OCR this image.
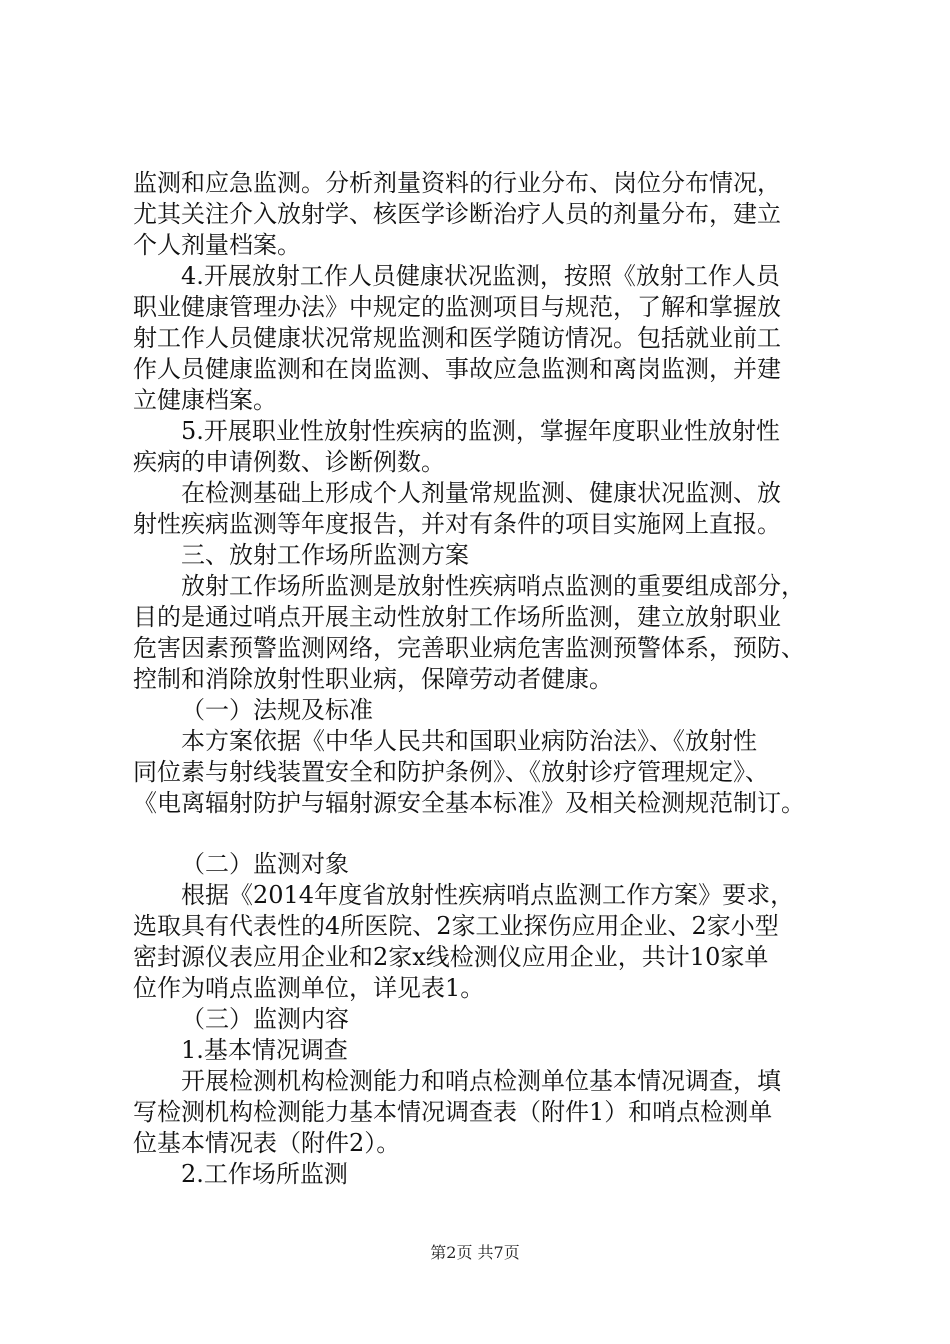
监测和应急监测。分析剂量资料的行业分布、岗位分布情况，
尤其关注介入放射学、核医学诊断治疗人员的剂量分布，建立
个人剂量档案。
4.开展放射工作人员健康状况监测，按照《放射工作人员
职业健康管理办法》中规定的监测项目与规范，了解和掌握放
射工作人员健康状况常规监测和医学随访情况。包括就业前工
作人员健康监测和在岗监测、事故应急监测和离岗监测，并建
立健康档案。
5.开展职业性放射性疾病的监测，掌握年度职业性放射性
疾病的申请例数、诊断例数。
在检测基础上形成个人剂量常规监测、健康状况监测、放
射性疾病监测等年度报告，并对有条件的项目实施网上直报。
三、放射工作场所监测方案
放射工作场所监测是放射性疾病哨点监测的重要组成部分，
目的是通过哨点开展主动性放射工作场所监测，建立放射职业
危害因素预警监测网络，完善职业病危害监测预警体系，预防、
控制和消除放射性职业病，保障劳动者健康。
（一）法规及标准
本方案依据《中华人民共和国职业病防治法》、《放射性
同位素与射线装置安全和防护条例》、《放射诊疗管理规定》、
《电离辐射防护与辐射源安全基本标准》及相关检测规范制订。
（二）监测对象
根据《2014年度省放射性疾病哨点监测工作方案》要求，
选取具有代表性的4所医院、2家工业探伤应用企业、2家小型
密封源仪表应用企业和2家x线检测仪应用企业，共计10家单
位作为哨点监测单位，详见表1。
（三）监测内容
1.基本情况调查
开展检测机构检测能力和哨点检测单位基本情况调查，填
写检测机构检测能力基本情况调查表（附件1）和哨点检测单
位基本情况表（附件2）。
2.工作场所监测
第2页 共7页
